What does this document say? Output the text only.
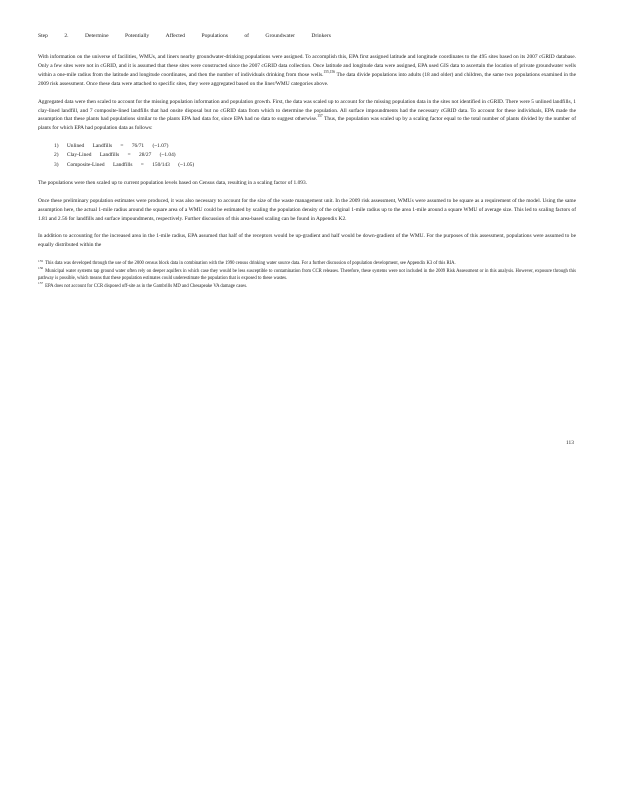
Step	2.	Determine	Potentially	Affected	Populations	of	Groundwater	Drinkers

With information on the universe of facilities, WMUs, and liners nearby groundwater-drinking populations were assigned. To accomplish this, EPA first assigned latitude and longitude coordinates to the 495 sites based on its 2007 cGRID database. Only a few sites were not in cGRID, and it is assumed that these sites were constructed since the 2007 cGRID data collection. Once latitude and longitude data were assigned, EPA used GIS data to ascertain the location of private groundwater wells within a one-mile radius from the latitude and longitude coordinates, and then the number of individuals drinking from those wells.$^{155,156}$ The data divide populations into adults (18 and older) and children, the same two populations examined in the 2009 risk assessment. Once these data were attached to specific sites, they were aggregated based on the liner/WMU categories above.

Aggregated data were then scaled to account for the missing population information and population growth. First, the data was scaled up to account for the missing population data in the sites not identified in cGRID. There were 5 unlined landfills, 1 clay-lined landfill, and 7 composite-lined landfills that had onsite disposal but no cGRID data from which to determine the population. All surface impoundments had the necessary cGRID data. To account for these individuals, EPA made the assumption that these plants had populations similar to the plants EPA had data for, since EPA had no data to suggest otherwise.$^{157}$ Thus, the population was scaled up by a scaling factor equal to the total number of plants divided by the number of plants for which EPA had population data as follows:

1) Unlined Landfills = 76/71 (~1.07)
2) Clay-Lined Landfills = 28/27 (~1.04)
3) Composite-Lined Landfills = 150/143 (~1.05)

The populations were then scaled up to current population levels based on Census data, resulting in a scaling factor of 1.093.

Once these preliminary population estimates were produced, it was also necessary to account for the size of the waste management unit. In the 2009 risk assessment, WMUs were assumed to be square as a requirement of the model. Using the same assumption here, the actual 1-mile radius around the square area of a WMU could be estimated by scaling the population density of the original 1-mile radius up to the area 1-mile around a square WMU of average size. This led to scaling factors of 1.81 and 2.56 for landfills and surface impoundments, respectively. Further discussion of this area-based scaling can be found in Appendix K2.

In addition to accounting for the increased area in the 1-mile radius, EPA assumed that half of the receptors would be up-gradient and half would be down-gradient of the WMU. For the purposes of this assessment, populations were assumed to be equally distributed within the

$^{155}$This data was developed through the use of the 2000 census block data in combination with the 1990 census drinking water source data. For a further discussion of population development, see Appendix K3 of this RIA.

$^{156}$Municipal water systems tap ground water often rely on deeper aquifers in which case they would be less susceptible to contamination from CCR releases. Therefore, these systems were not included in the 2009 Risk Assessment or in this analysis. However, exposure through this pathway is possible, which means that these population estimates could underestimate the population that is exposed to these wastes.

$^{157}$EPA does not account for CCR disposed off-site as in the Gambrills MD and Chesapeake VA damage cases.

113
